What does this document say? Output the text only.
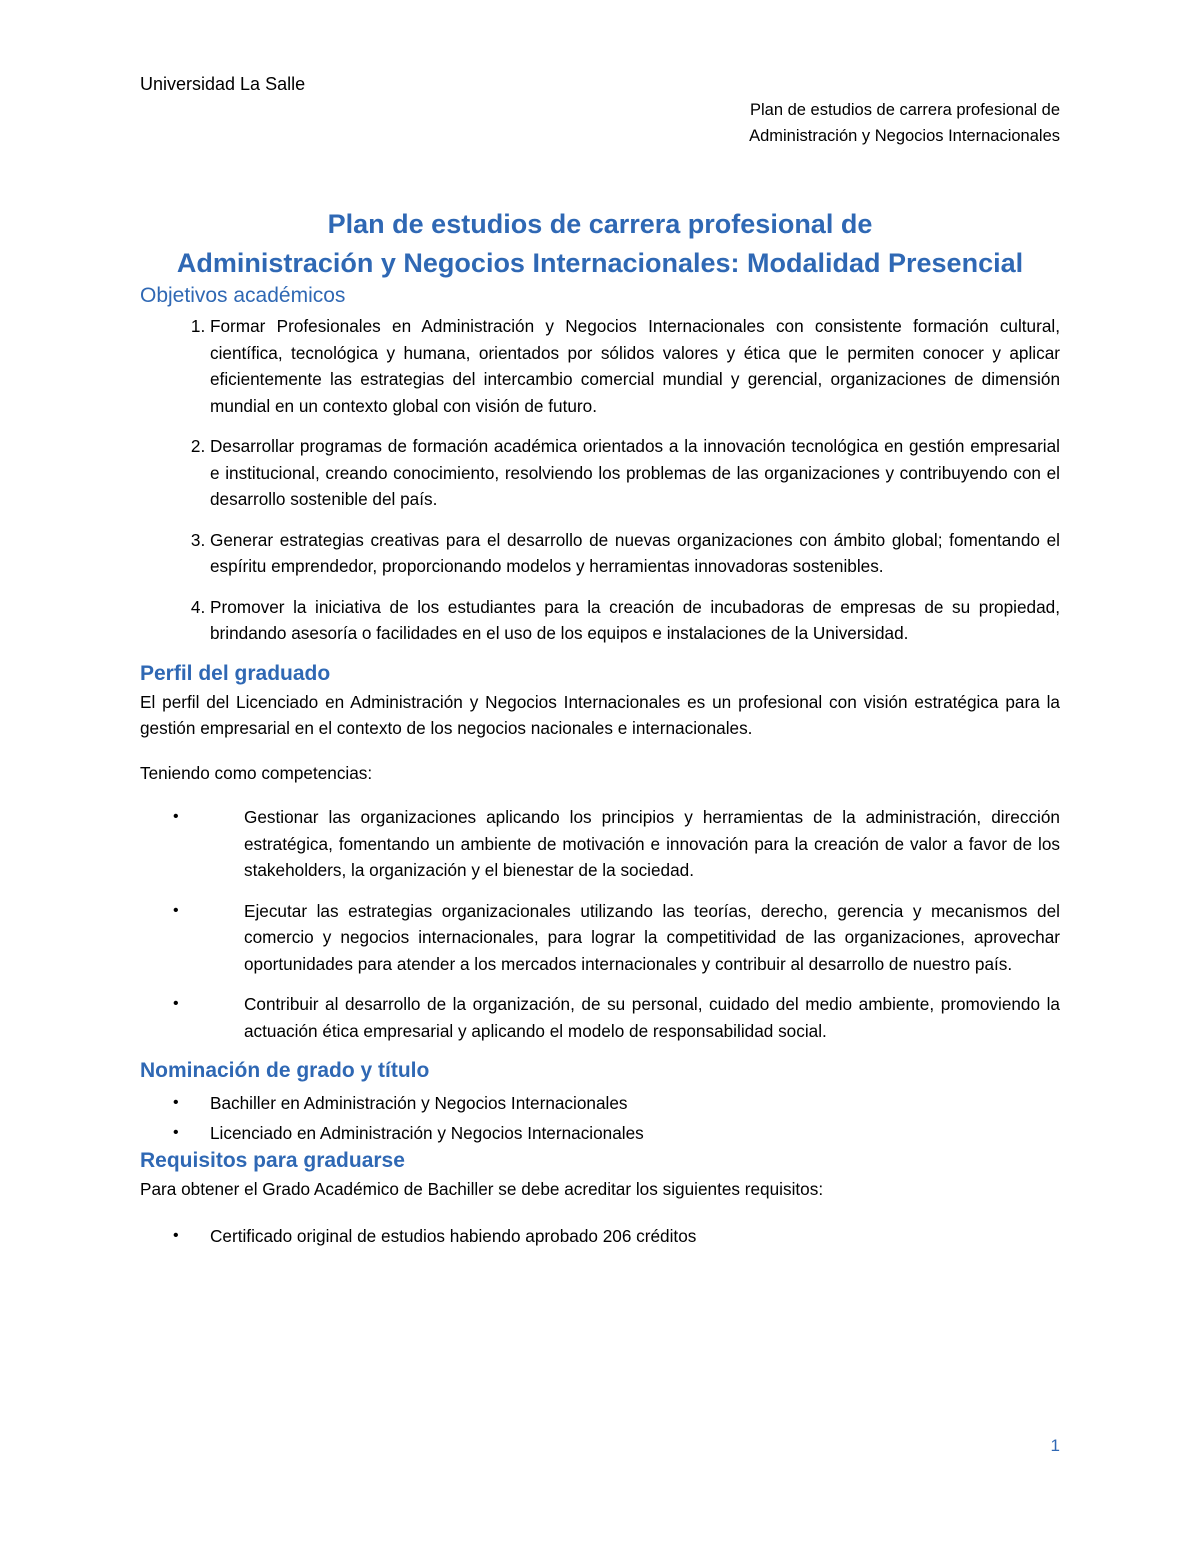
Universidad La Salle
Plan de estudios de carrera profesional de
Administración y Negocios Internacionales
Plan de estudios de carrera profesional de
Administración y Negocios Internacionales: Modalidad Presencial
Objetivos académicos
1. Formar Profesionales en Administración y Negocios Internacionales con consistente formación cultural, científica, tecnológica y humana, orientados por sólidos valores y ética que le permiten conocer y aplicar eficientemente las estrategias del intercambio comercial mundial y gerencial, organizaciones de dimensión mundial en un contexto global con visión de futuro.
2. Desarrollar programas de formación académica orientados a la innovación tecnológica en gestión empresarial e institucional, creando conocimiento, resolviendo los problemas de las organizaciones y contribuyendo con el desarrollo sostenible del país.
3. Generar estrategias creativas para el desarrollo de nuevas organizaciones con ámbito global; fomentando el espíritu emprendedor, proporcionando modelos y herramientas innovadoras sostenibles.
4. Promover la iniciativa de los estudiantes para la creación de incubadoras de empresas de su propiedad, brindando asesoría o facilidades en el uso de los equipos e instalaciones de la Universidad.
Perfil del graduado

El perfil del Licenciado en Administración y Negocios Internacionales es un profesional con visión estratégica para la gestión empresarial en el contexto de los negocios nacionales e internacionales.

Teniendo como competencias:

•	Gestionar las organizaciones aplicando los principios y herramientas de la administración, dirección estratégica, fomentando un ambiente de motivación e innovación para la creación de valor a favor de los stakeholders, la organización y el bienestar de la sociedad.
•	Ejecutar las estrategias organizacionales utilizando las teorías, derecho, gerencia y mecanismos del comercio y negocios internacionales, para lograr la competitividad de las organizaciones, aprovechar oportunidades para atender a los mercados internacionales y contribuir al desarrollo de nuestro país.
•	Contribuir al desarrollo de la organización, de su personal, cuidado del medio ambiente, promoviendo la actuación ética empresarial y aplicando el modelo de responsabilidad social.
Nominación de grado y título
• Bachiller en Administración y Negocios Internacionales
• Licenciado en Administración y Negocios Internacionales
Requisitos para graduarse

Para obtener el Grado Académico de Bachiller se debe acreditar los siguientes requisitos:

• Certificado original de estudios habiendo aprobado 206 créditos
1
